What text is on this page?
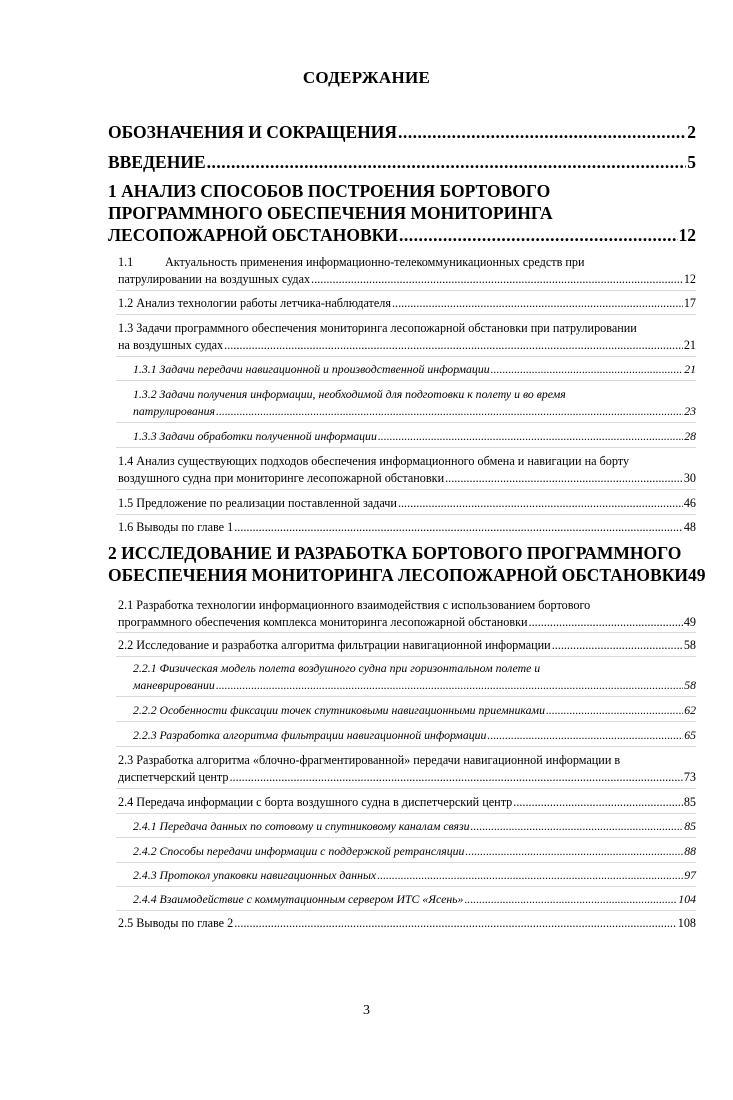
СОДЕРЖАНИЕ
ОБОЗНАЧЕНИЯ И СОКРАЩЕНИЯ .....	2
ВВЕДЕНИЕ .....	5
1 АНАЛИЗ СПОСОБОВ ПОСТРОЕНИЯ БОРТОВОГО
ПРОГРАММНОГО ОБЕСПЕЧЕНИЯ МОНИТОРИНГА
ЛЕСОПОЖАРНОЙ ОБСТАНОВКИ .....	12
1.1	Актуальность применения информационно-телекоммуникационных средств при
патрулировании на воздушных судах .....	12
1.2 Анализ технологии работы летчика-наблюдателя .....	17
1.3 Задачи программного обеспечения мониторинга лесопожарной обстановки при патрулировании
на воздушных судах .....	21
1.3.1 Задачи передачи навигационной и производственной информации .....	21
1.3.2 Задачи получения информации, необходимой для подготовки к полету и во время
патрулирования .....	23
1.3.3 Задачи обработки полученной информации .....	28
1.4 Анализ существующих подходов обеспечения информационного обмена и навигации на борту
воздушного судна при мониторинге лесопожарной обстановки .....	30
1.5 Предложение по реализации поставленной задачи .....	46
1.6 Выводы по главе 1 .....	48
2 ИССЛЕДОВАНИЕ И РАЗРАБОТКА БОРТОВОГО ПРОГРАММНОГО
ОБЕСПЕЧЕНИЯ МОНИТОРИНГА ЛЕСОПОЖАРНОЙ ОБСТАНОВКИ 49
2.1 Разработка технологии информационного взаимодействия с использованием бортового
программного обеспечения комплекса мониторинга лесопожарной обстановки .....	49
2.2 Исследование и разработка алгоритма фильтрации навигационной информации .....	58
2.2.1 Физическая модель полета воздушного судна при горизонтальном полете и
маневрировании .....	58
2.2.2 Особенности фиксации точек спутниковыми навигационными приемниками .....	62
2.2.3 Разработка алгоритма фильтрации навигационной информации .....	65
2.3 Разработка алгоритма «блочно-фрагментированной» передачи навигационной информации в
диспетчерский центр .....	73
2.4 Передача информации с борта воздушного судна в диспетчерский центр .....	85
2.4.1 Передача данных по сотовому и спутниковому каналам связи .....	85
2.4.2 Способы передачи информации с поддержкой ретрансляции .....	88
2.4.3 Протокол упаковки навигационных данных .....	97
2.4.4 Взаимодействие с коммутационным сервером ИТС «Ясень» .....	104
2.5 Выводы по главе 2 .....	108
3
